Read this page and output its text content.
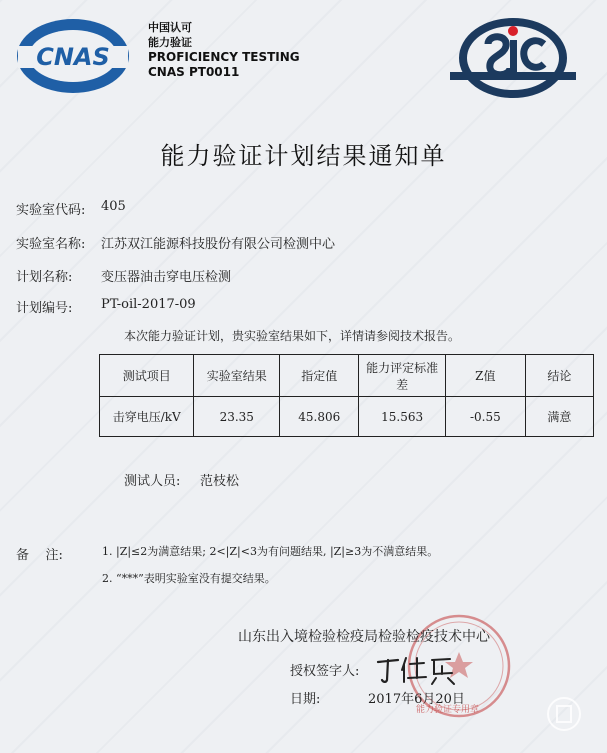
CNAS
中国认可
能力验证
PROFICIENCY TESTING
CNAS PT0011
能力验证计划结果通知单
实验室代码: 405
实验室名称: 江苏双江能源科技股份有限公司检测中心
计划名称: 变压器油击穿电压检测
计划编号: PT-oil-2017-09
本次能力验证计划，贵实验室结果如下，详情请参阅技术报告。
测试项目	实验室结果	指定值	能力评定标准差	Z值	结论
击穿电压/kV	23.35	45.806	15.563	-0.55	满意
测试人员: 范枝松
备    注:	1. |Z|≤2为满意结果; 2<|Z|<3为有问题结果, |Z|≥3为不满意结果。
2. “***”表明实验室没有提交结果。
能力验证专用章
山东出入境检验检疫局检验检疫技术中心
授权签字人:
日期:	2017年6月20日
